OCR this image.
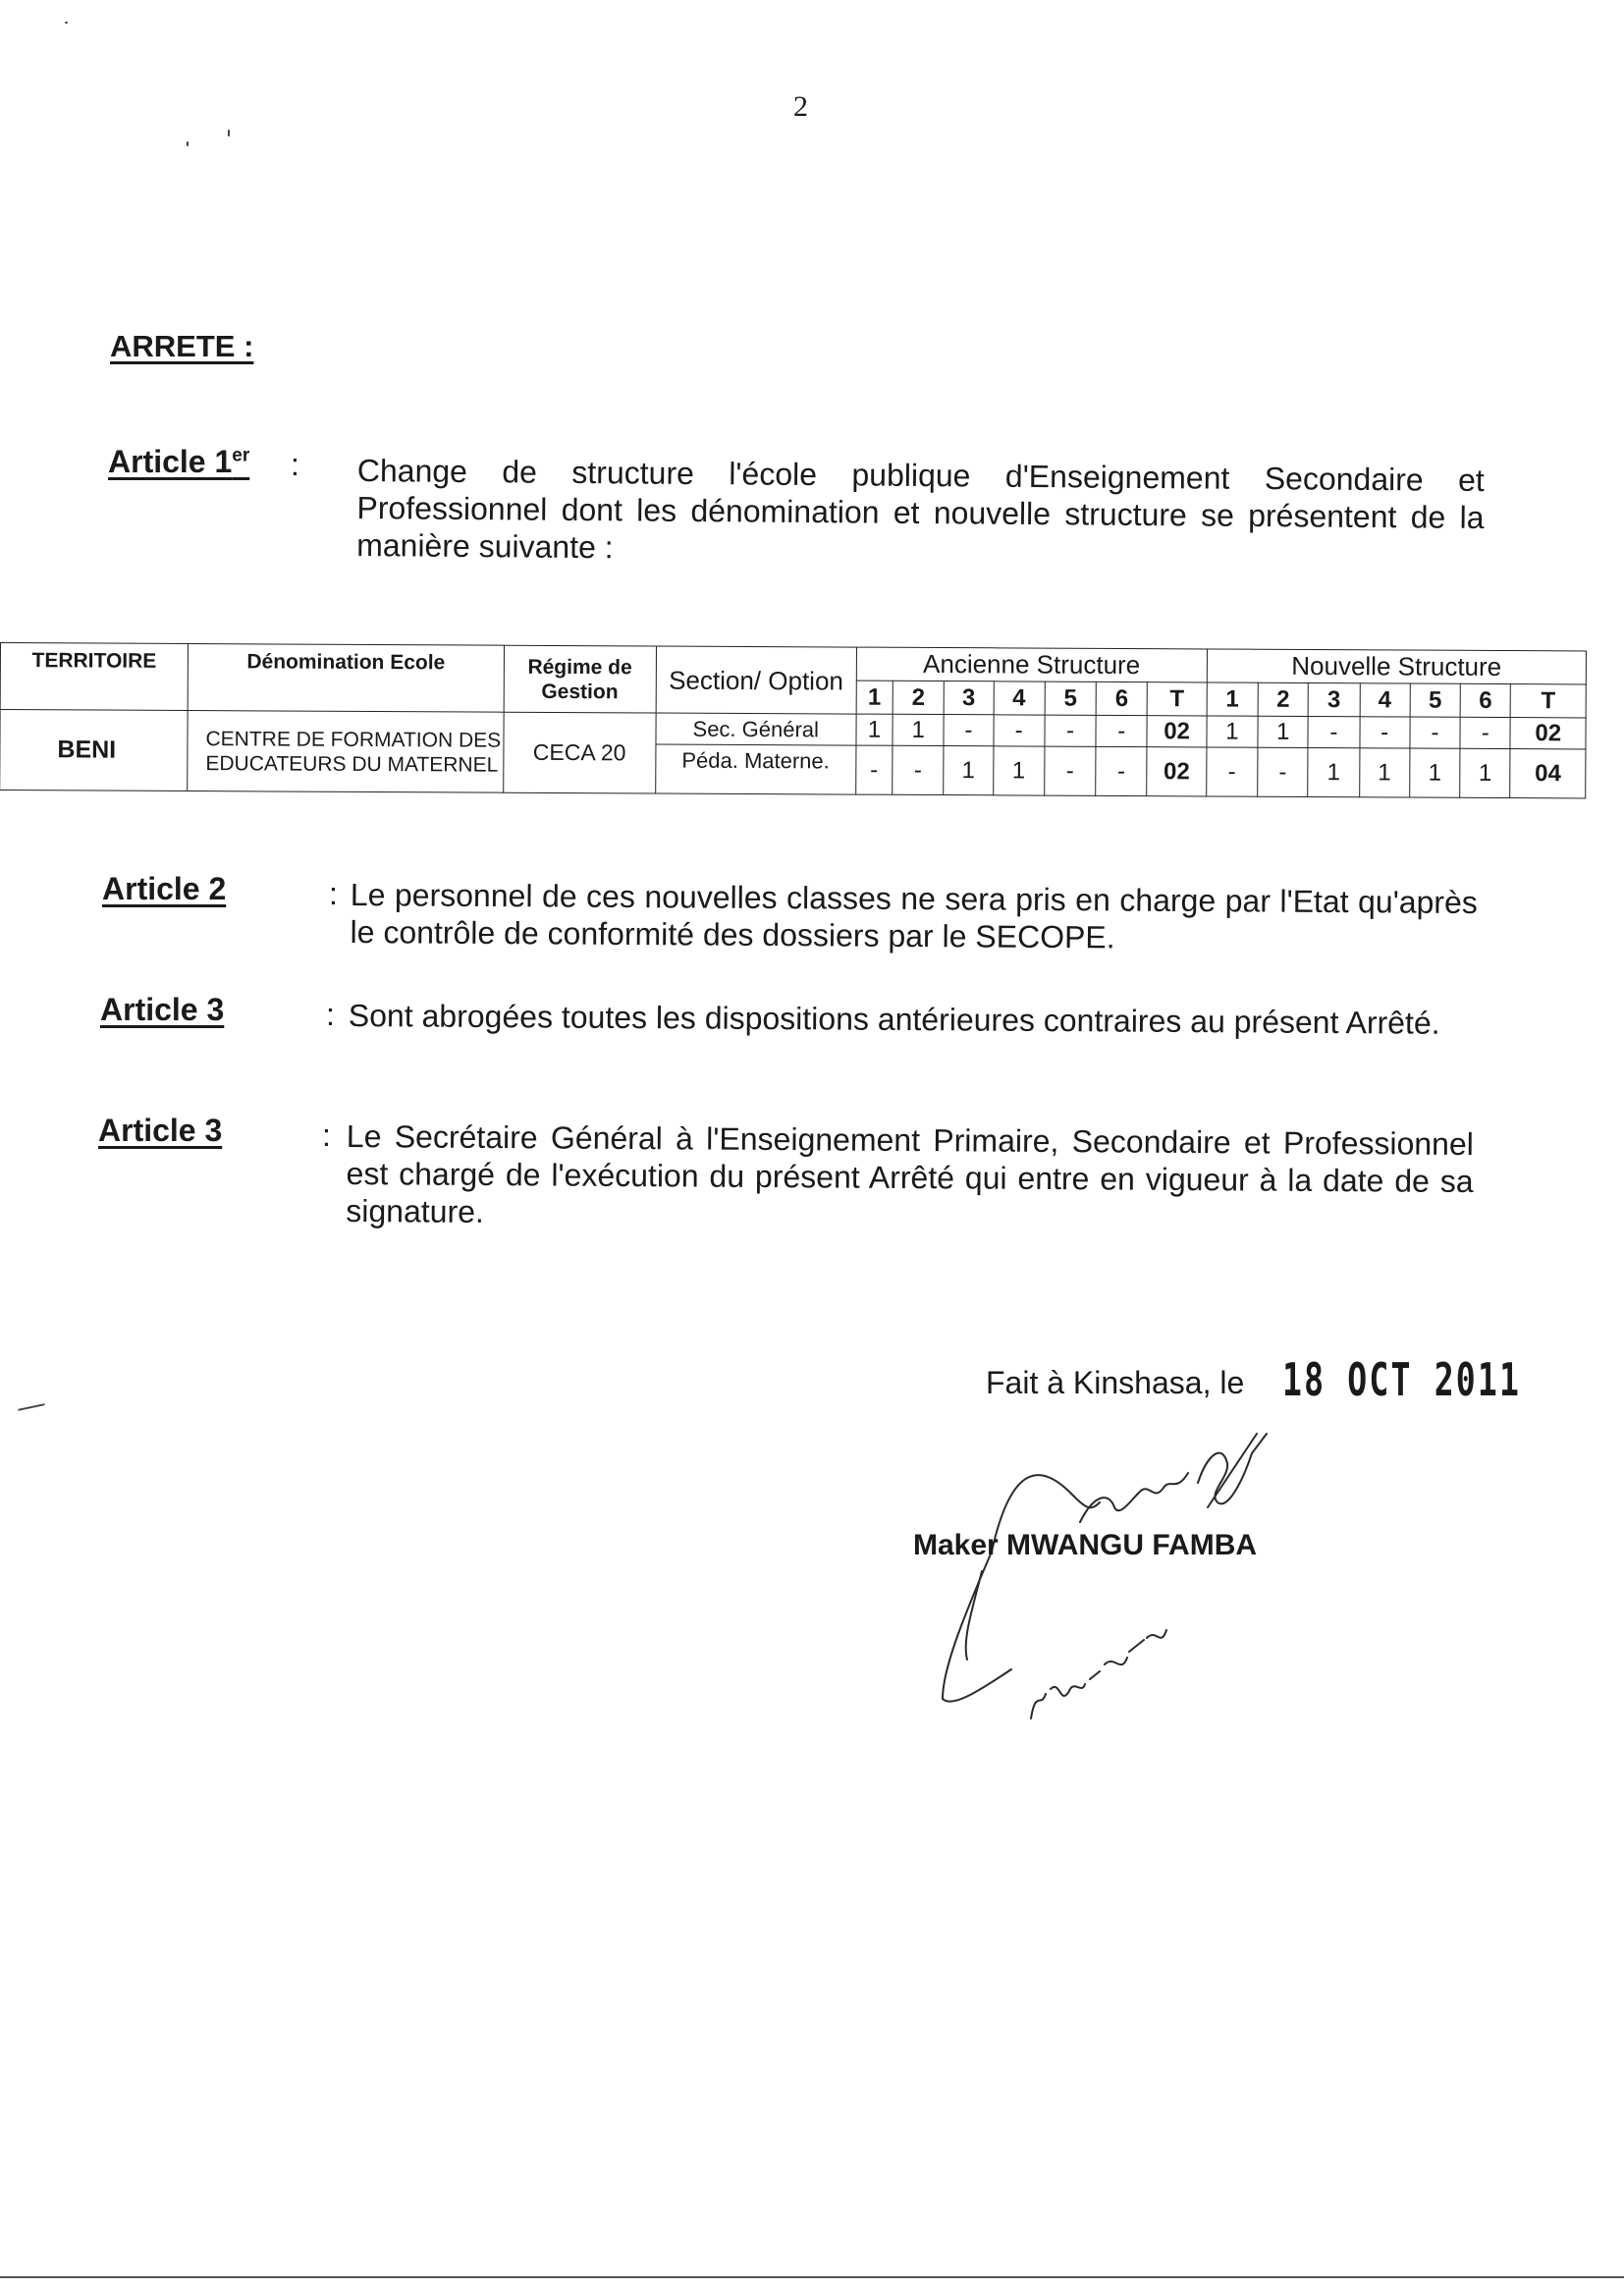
2
ARRETE :
Article 1er : Change de structure l'école publique d'Enseignement Secondaire et Professionnel dont les dénomination et nouvelle structure se présentent de la manière suivante :
TERRITOIRE	Dénomination Ecole	Régime de Gestion	Section/ Option	Ancienne Structure							Nouvelle Structure						
				1	2	3	4	5	6	T	1	2	3	4	5	6	T
BENI	CENTRE DE FORMATION DES EDUCATEURS DU MATERNEL	CECA 20	Sec. Général	1	1	-	-	-	-	02	1	1	-	-	-	-	02
			Péda. Materne.	-	-	1	1	-	-	02	-	-	1	1	1	1	04
Article 2	: Le personnel de ces nouvelles classes ne sera pris en charge par l'Etat qu'après le contrôle de conformité des dossiers par le SECOPE.
Article 3	: Sont abrogées toutes les dispositions antérieures contraires au présent Arrêté.
Article 3	: Le Secrétaire Général à l'Enseignement Primaire, Secondaire et Professionnel est chargé de l'exécution du présent Arrêté qui entre en vigueur à la date de sa signature.
Fait à Kinshasa, le 18 OCT 2011
Maker MWANGU FAMBA
